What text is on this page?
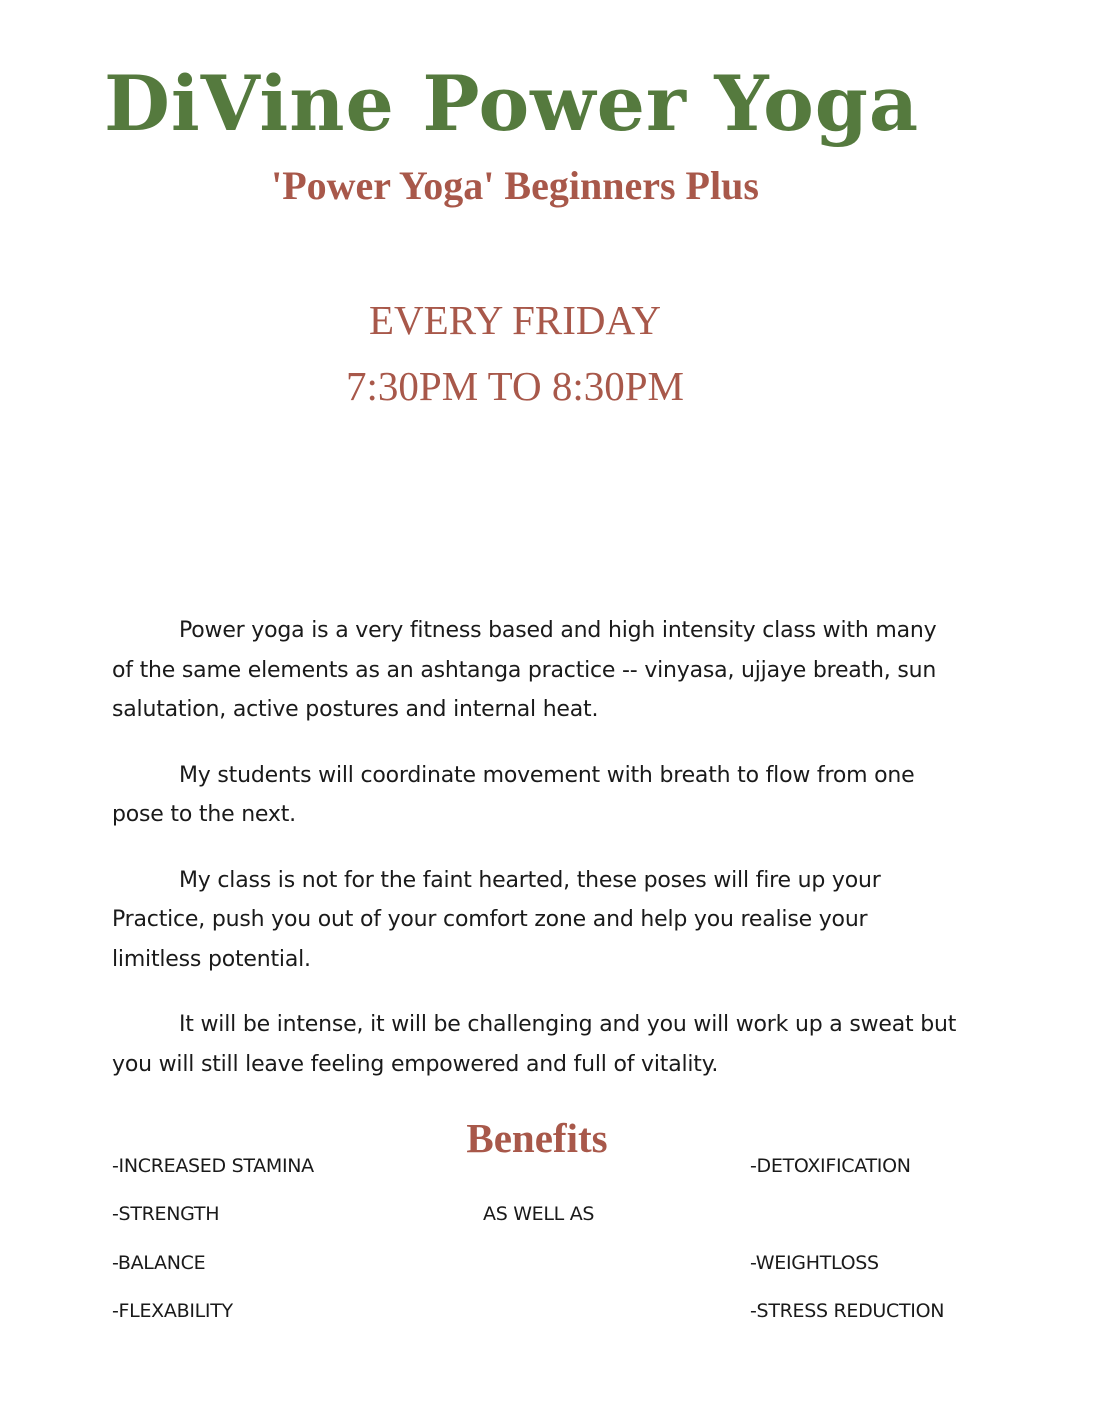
DiVine Power Yoga
'Power Yoga' Beginners Plus
EVERY FRIDAY
7:30PM TO 8:30PM

Power yoga is a very fitness based and high intensity class with many of the same elements as an ashtanga practice -- vinyasa, ujjaye breath, sun salutation, active postures and internal heat.

My students will coordinate movement with breath to flow from one pose to the next.

My class is not for the faint hearted, these poses will fire up your Practice, push you out of your comfort zone and help you realise your limitless potential.

It will be intense, it will be challenging and you will work up a sweat but you will still leave feeling empowered and full of vitality.

Benefits
-INCREASED STAMINA
-STRENGTH
-BALANCE
-FLEXABILITY
AS WELL AS
-DETOXIFICATION
-WEIGHTLOSS
-STRESS REDUCTION
